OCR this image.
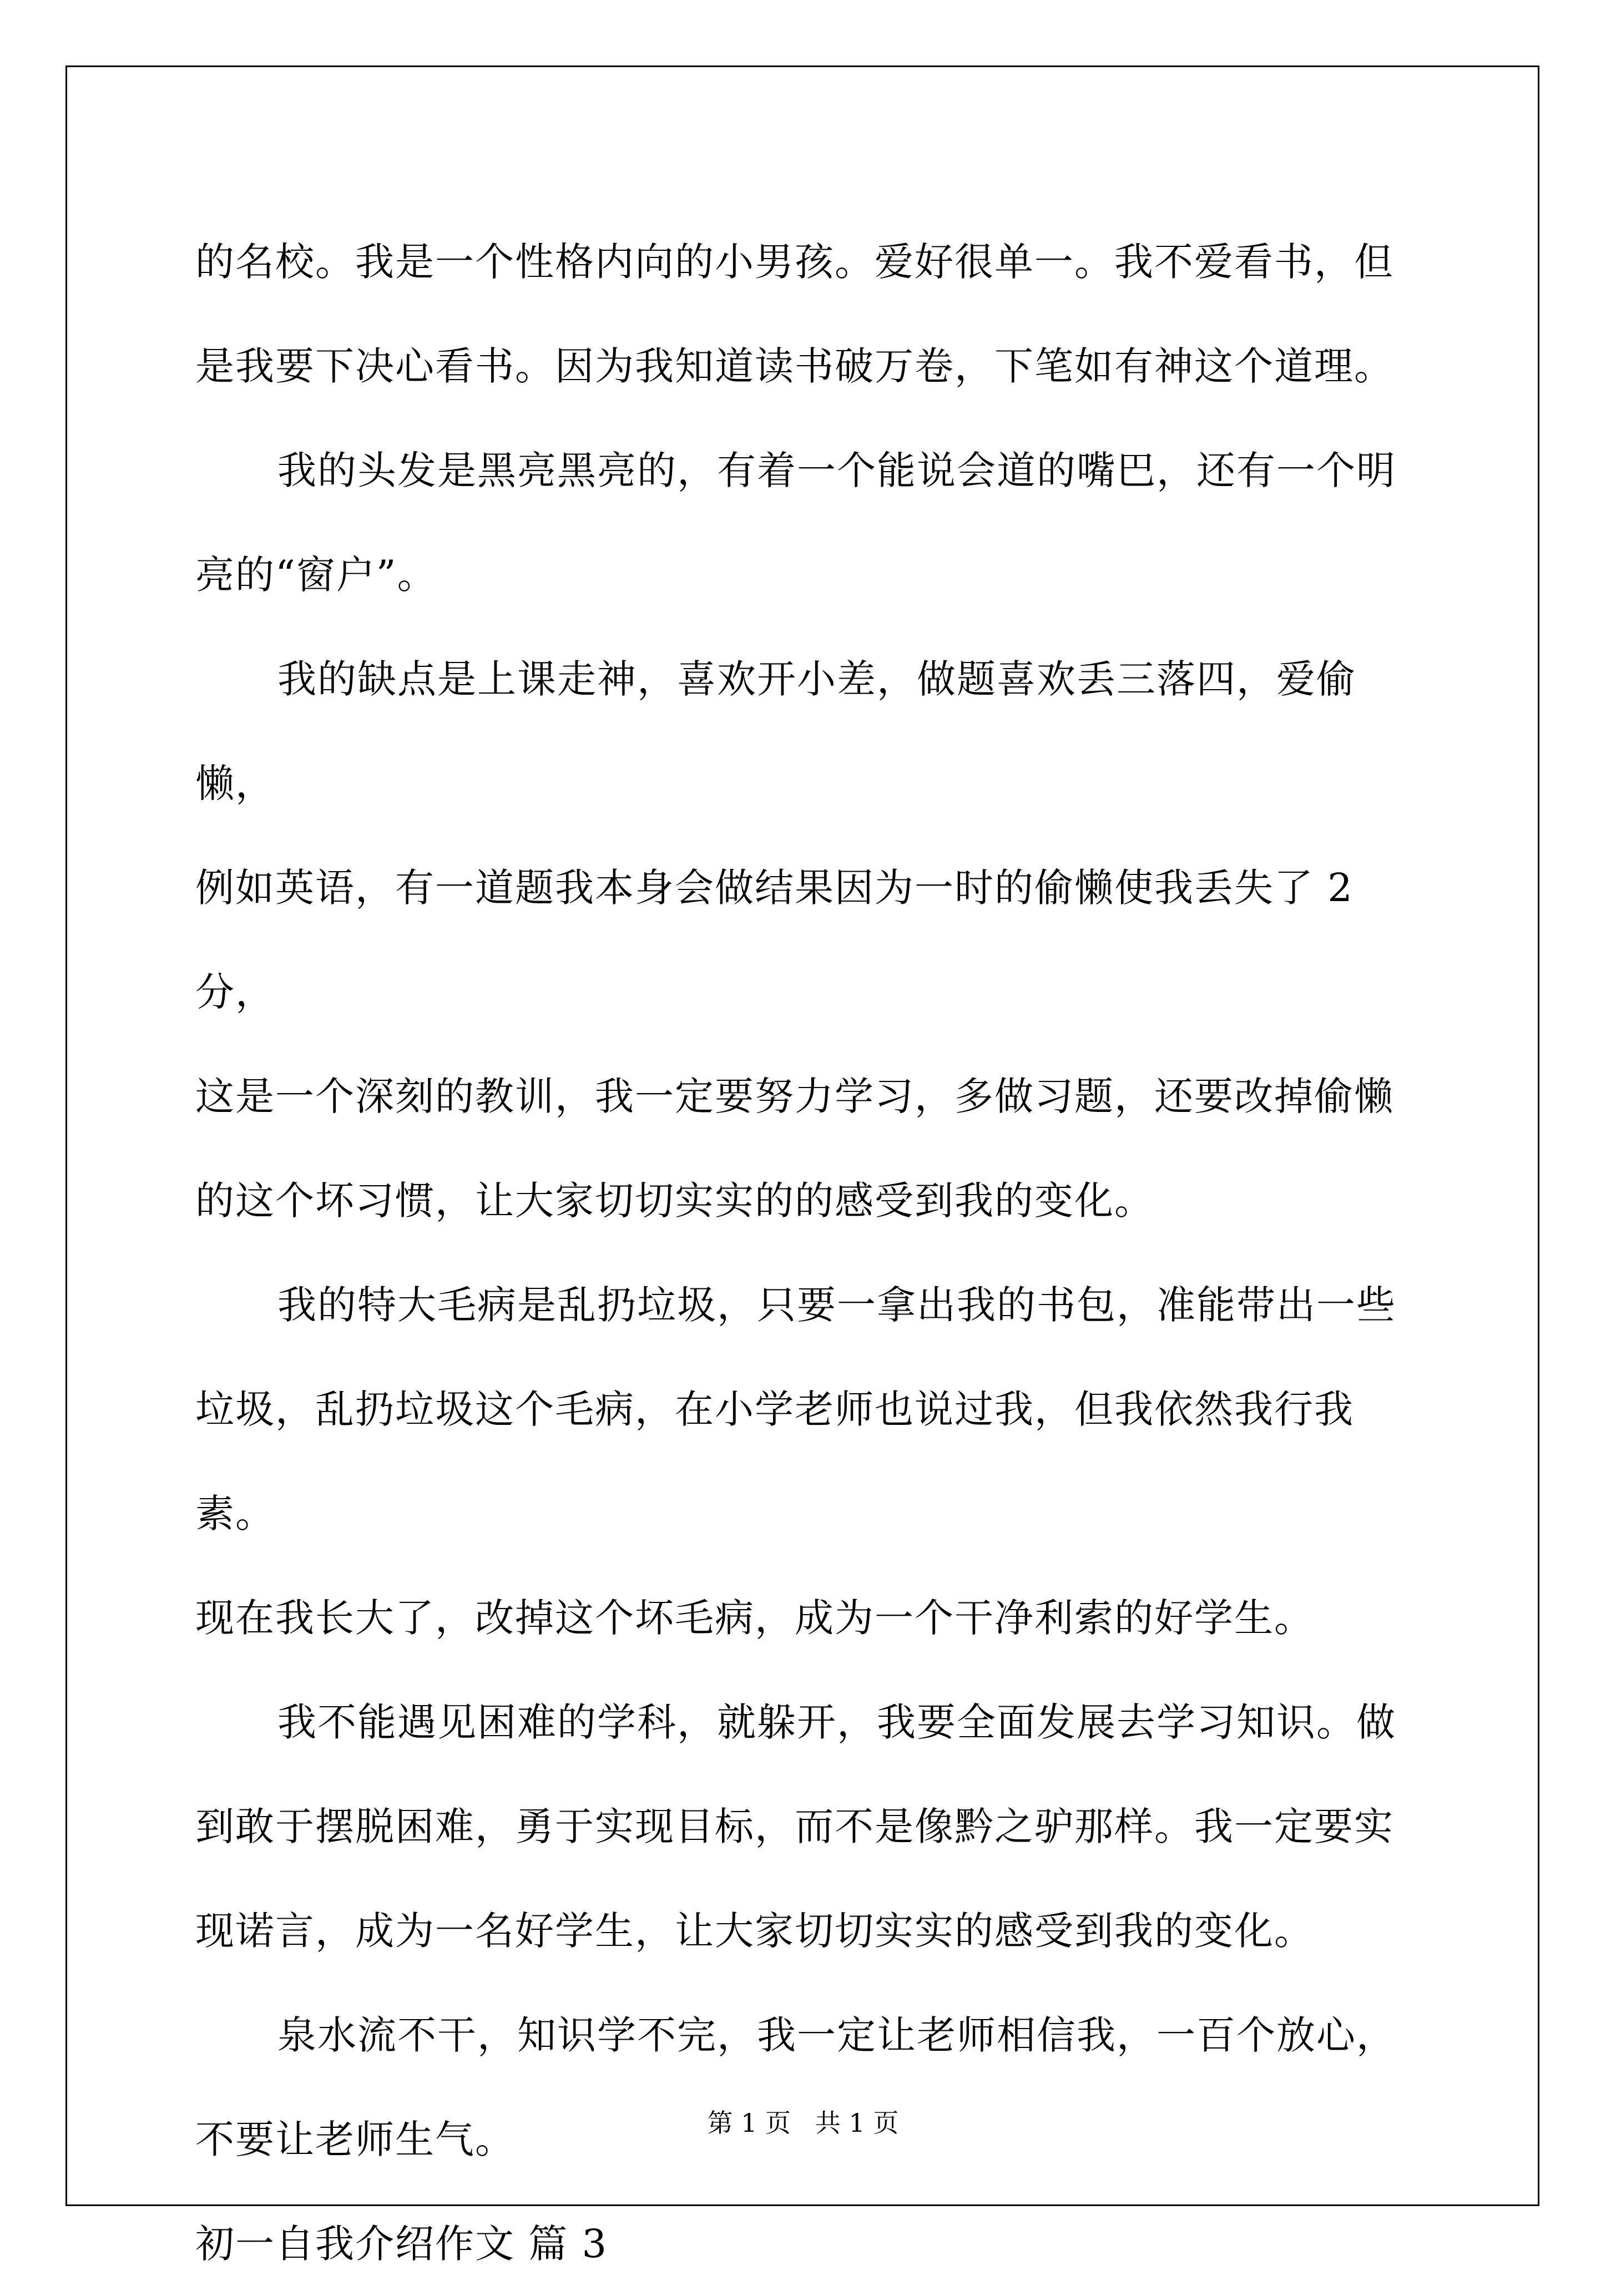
的名校。我是一个性格内向的小男孩。爱好很单一。我不爱看书，但

是我要下决心看书。因为我知道读书破万卷，下笔如有神这个道理。

我的头发是黑亮黑亮的，有着一个能说会道的嘴巴，还有一个明

亮的“窗户”。

我的缺点是上课走神，喜欢开小差，做题喜欢丢三落四，爱偷懒，

例如英语，有一道题我本身会做结果因为一时的偷懒使我丢失了 2 分，

这是一个深刻的教训，我一定要努力学习，多做习题，还要改掉偷懒

的这个坏习惯，让大家切切实实的的感受到我的变化。

我的特大毛病是乱扔垃圾，只要一拿出我的书包，准能带出一些

垃圾，乱扔垃圾这个毛病，在小学老师也说过我，但我依然我行我素。

现在我长大了，改掉这个坏毛病，成为一个干净利索的好学生。

我不能遇见困难的学科，就躲开，我要全面发展去学习知识。做

到敢于摆脱困难，勇于实现目标，而不是像黔之驴那样。我一定要实

现诺言，成为一名好学生，让大家切切实实的感受到我的变化。

泉水流不干，知识学不完，我一定让老师相信我，一百个放心，

不要让老师生气。

初一自我介绍作文 篇 3

第 1 页   共 1 页
